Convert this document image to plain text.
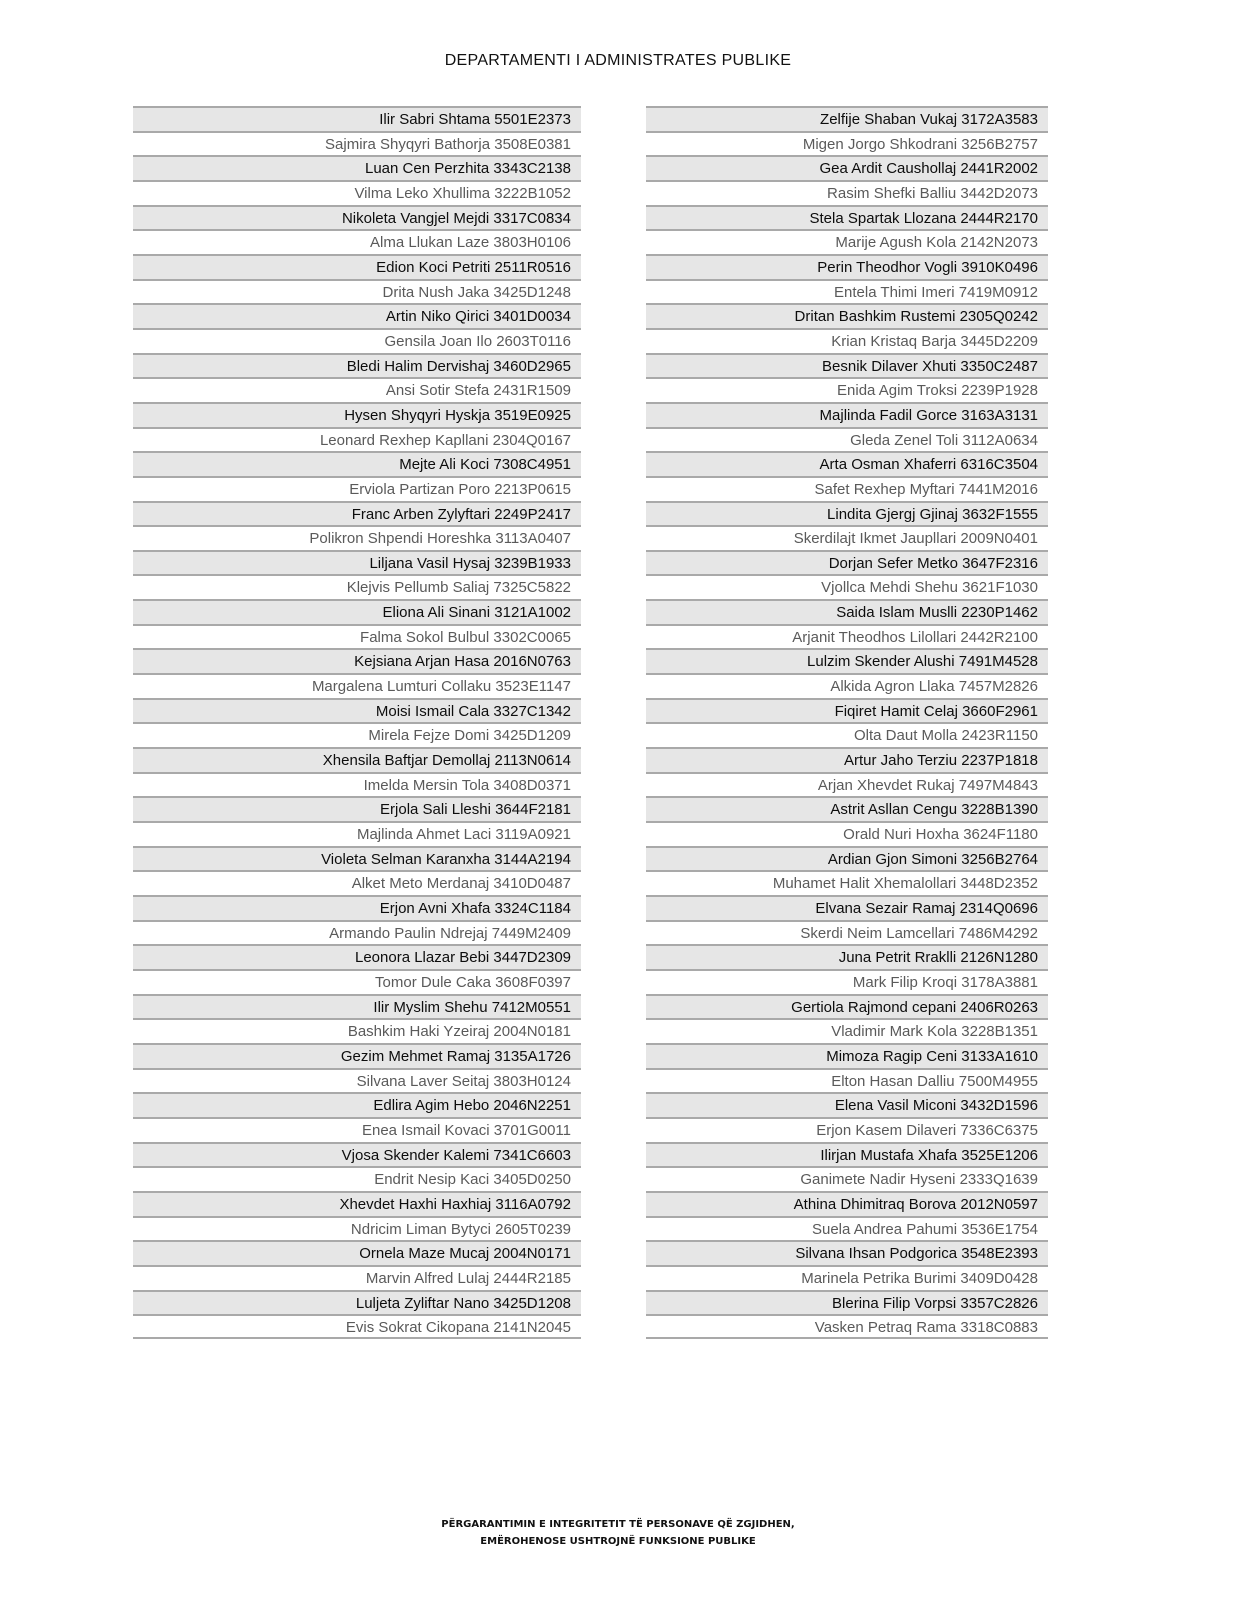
DEPARTAMENTI I ADMINISTRATES PUBLIKE
Ilir Sabri Shtama 5501E2373
Sajmira Shyqyri Bathorja 3508E0381
Luan Cen Perzhita 3343C2138
Vilma Leko Xhullima 3222B1052
Nikoleta Vangjel Mejdi 3317C0834
Alma Llukan Laze 3803H0106
Edion Koci Petriti 2511R0516
Drita Nush Jaka 3425D1248
Artin Niko Qirici 3401D0034
Gensila Joan Ilo 2603T0116
Bledi Halim Dervishaj 3460D2965
Ansi Sotir Stefa 2431R1509
Hysen Shyqyri Hyskja 3519E0925
Leonard Rexhep Kapllani 2304Q0167
Mejte Ali Koci 7308C4951
Erviola Partizan Poro 2213P0615
Franc Arben Zylyftari 2249P2417
Polikron Shpendi Horeshka 3113A0407
Liljana Vasil Hysaj 3239B1933
Klejvis Pellumb Saliaj 7325C5822
Eliona Ali Sinani 3121A1002
Falma Sokol Bulbul 3302C0065
Kejsiana Arjan Hasa 2016N0763
Margalena Lumturi Collaku 3523E1147
Moisi Ismail Cala 3327C1342
Mirela Fejze Domi 3425D1209
Xhensila Baftjar Demollaj 2113N0614
Imelda Mersin Tola 3408D0371
Erjola Sali Lleshi 3644F2181
Majlinda Ahmet Laci 3119A0921
Violeta Selman Karanxha 3144A2194
Alket Meto Merdanaj 3410D0487
Erjon Avni Xhafa 3324C1184
Armando Paulin Ndrejaj 7449M2409
Leonora Llazar Bebi 3447D2309
Tomor Dule Caka 3608F0397
Ilir Myslim Shehu 7412M0551
Bashkim Haki Yzeiraj 2004N0181
Gezim Mehmet Ramaj 3135A1726
Silvana Laver Seitaj 3803H0124
Edlira Agim Hebo 2046N2251
Enea Ismail Kovaci 3701G0011
Vjosa Skender Kalemi 7341C6603
Endrit Nesip Kaci 3405D0250
Xhevdet Haxhi Haxhiaj 3116A0792
Ndricim Liman Bytyci 2605T0239
Ornela Maze Mucaj 2004N0171
Marvin Alfred Lulaj 2444R2185
Luljeta Zyliftar Nano 3425D1208
Evis Sokrat Cikopana 2141N2045
Zelfije Shaban Vukaj 3172A3583
Migen Jorgo Shkodrani 3256B2757
Gea Ardit Caushollaj 2441R2002
Rasim Shefki Balliu 3442D2073
Stela Spartak Llozana 2444R2170
Marije Agush Kola 2142N2073
Perin Theodhor Vogli 3910K0496
Entela Thimi Imeri 7419M0912
Dritan Bashkim Rustemi 2305Q0242
Krian Kristaq Barja 3445D2209
Besnik Dilaver Xhuti 3350C2487
Enida Agim Troksi 2239P1928
Majlinda Fadil Gorce 3163A3131
Gleda Zenel Toli 3112A0634
Arta Osman Xhaferri 6316C3504
Safet Rexhep Myftari 7441M2016
Lindita Gjergj Gjinaj 3632F1555
Skerdilajt Ikmet Jaupllari 2009N0401
Dorjan Sefer Metko 3647F2316
Vjollca Mehdi Shehu 3621F1030
Saida Islam Muslli 2230P1462
Arjanit Theodhos Lilollari 2442R2100
Lulzim Skender Alushi 7491M4528
Alkida Agron Llaka 7457M2826
Fiqiret Hamit Celaj 3660F2961
Olta Daut Molla 2423R1150
Artur Jaho Terziu 2237P1818
Arjan Xhevdet Rukaj 7497M4843
Astrit Asllan Cengu 3228B1390
Orald Nuri Hoxha 3624F1180
Ardian Gjon Simoni 3256B2764
Muhamet Halit Xhemalollari 3448D2352
Elvana Sezair Ramaj 2314Q0696
Skerdi Neim Lamcellari 7486M4292
Juna Petrit Rraklli 2126N1280
Mark Filip Kroqi 3178A3881
Gertiola Rajmond cepani 2406R0263
Vladimir Mark Kola 3228B1351
Mimoza Ragip Ceni 3133A1610
Elton Hasan Dalliu 7500M4955
Elena Vasil Miconi 3432D1596
Erjon Kasem Dilaveri 7336C6375
Ilirjan Mustafa Xhafa 3525E1206
Ganimete Nadir Hyseni 2333Q1639
Athina Dhimitraq Borova 2012N0597
Suela Andrea Pahumi 3536E1754
Silvana Ihsan Podgorica 3548E2393
Marinela Petrika Burimi 3409D0428
Blerina Filip Vorpsi 3357C2826
Vasken Petraq Rama 3318C0883
PËRGARANTIMIN E INTEGRITETIT TË PERSONAVE QË ZGJIDHEN,
EMËROHENOSE USHTROJNË FUNKSIONE PUBLIKE
